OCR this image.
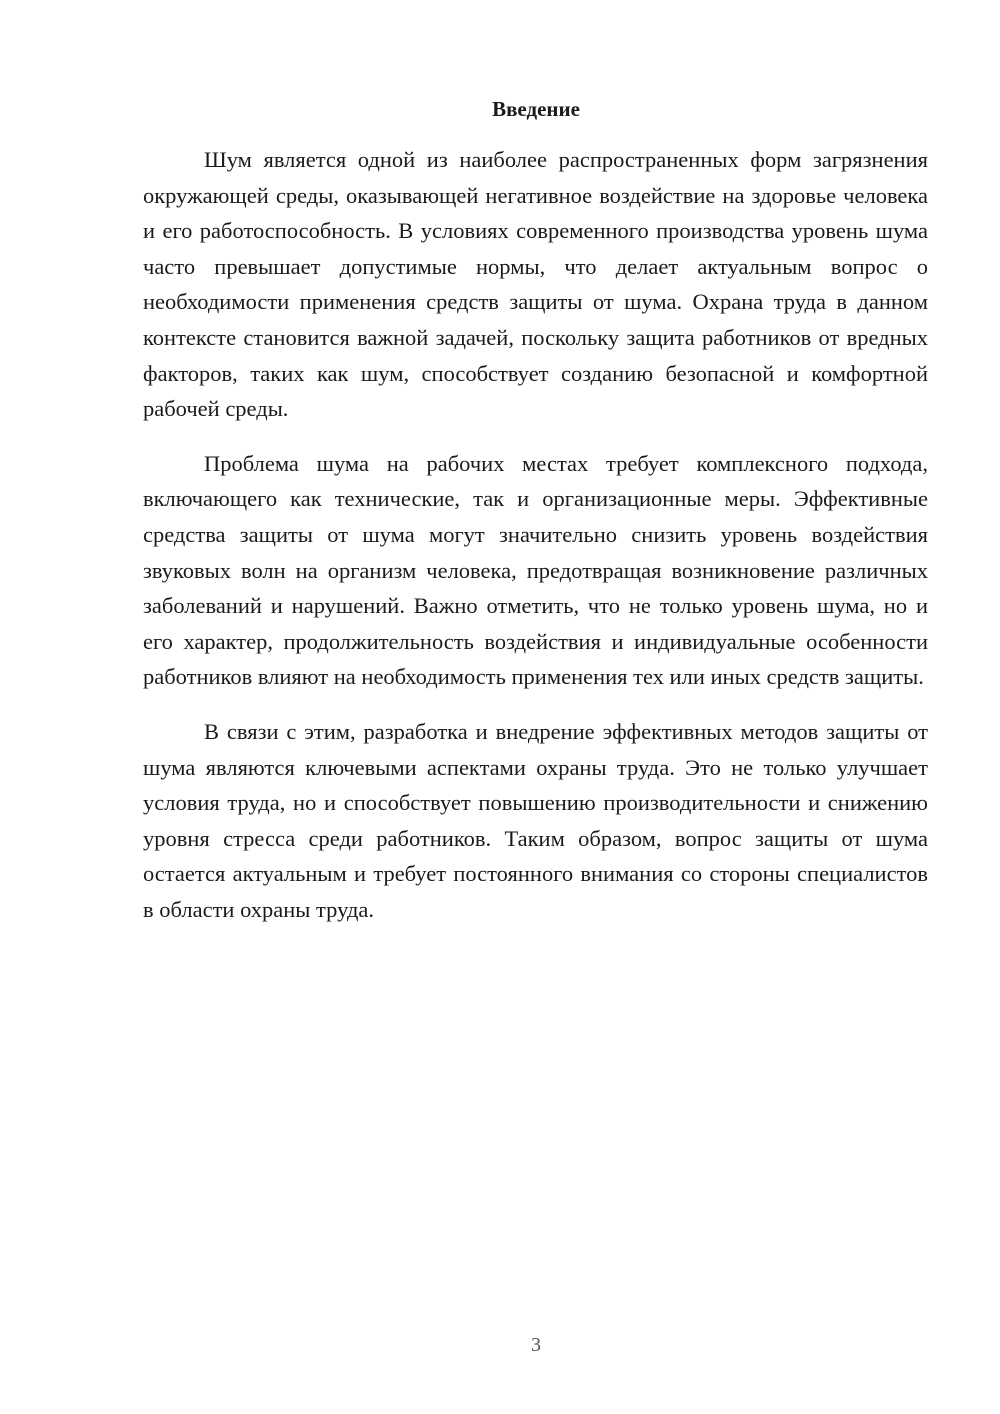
Введение

Шум является одной из наиболее распространенных форм загрязнения окружающей среды, оказывающей негативное воздействие на здоровье человека и его работоспособность. В условиях современного производства уровень шума часто превышает допустимые нормы, что делает актуальным вопрос о необходимости применения средств защиты от шума. Охрана труда в данном контексте становится важной задачей, поскольку защита работников от вредных факторов, таких как шум, способствует созданию безопасной и комфортной рабочей среды.

Проблема шума на рабочих местах требует комплексного подхода, включающего как технические, так и организационные меры. Эффективные средства защиты от шума могут значительно снизить уровень воздействия звуковых волн на организм человека, предотвращая возникновение различных заболеваний и нарушений. Важно отметить, что не только уровень шума, но и его характер, продолжительность воздействия и индивидуальные особенности работников влияют на необходимость применения тех или иных средств защиты.

В связи с этим, разработка и внедрение эффективных методов защиты от шума являются ключевыми аспектами охраны труда. Это не только улучшает условия труда, но и способствует повышению производительности и снижению уровня стресса среди работников. Таким образом, вопрос защиты от шума остается актуальным и требует постоянного внимания со стороны специалистов в области охраны труда.

3
